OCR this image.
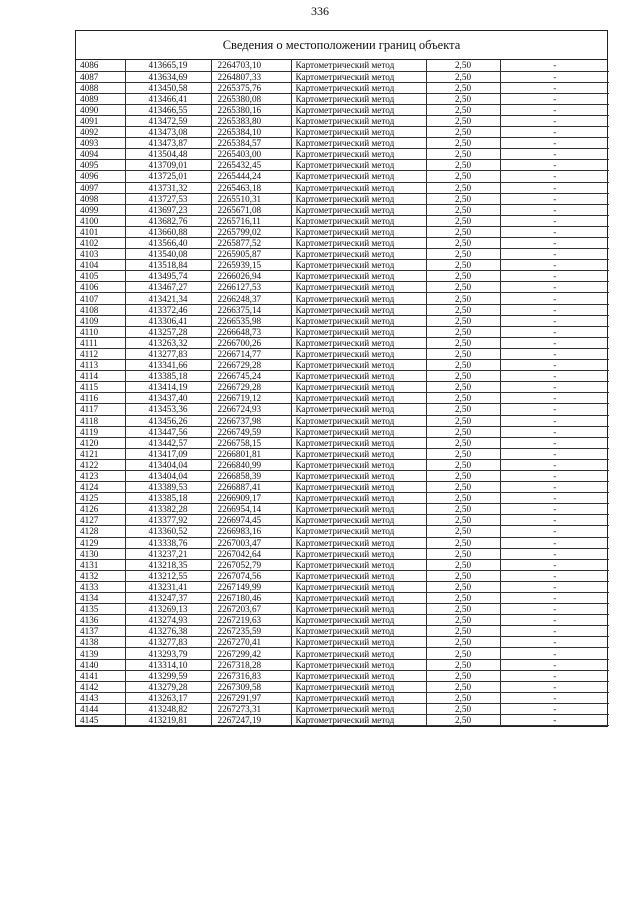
336
Сведения о местоположении границ объекта
4086	413665,19	2264703,10	Картометрический метод	2,50	-
4087	413634,69	2264807,33	Картометрический метод	2,50	-
4088	413450,58	2265375,76	Картометрический метод	2,50	-
4089	413466,41	2265380,08	Картометрический метод	2,50	-
4090	413466,55	2265380,16	Картометрический метод	2,50	-
4091	413472,59	2265383,80	Картометрический метод	2,50	-
4092	413473,08	2265384,10	Картометрический метод	2,50	-
4093	413473,87	2265384,57	Картометрический метод	2,50	-
4094	413504,48	2265403,00	Картометрический метод	2,50	-
4095	413709,01	2265432,45	Картометрический метод	2,50	-
4096	413725,01	2265444,24	Картометрический метод	2,50	-
4097	413731,32	2265463,18	Картометрический метод	2,50	-
4098	413727,53	2265510,31	Картометрический метод	2,50	-
4099	413697,23	2265671,08	Картометрический метод	2,50	-
4100	413682,76	2265716,11	Картометрический метод	2,50	-
4101	413660,88	2265799,02	Картометрический метод	2,50	-
4102	413566,40	2265877,52	Картометрический метод	2,50	-
4103	413540,08	2265905,87	Картометрический метод	2,50	-
4104	413518,84	2265939,15	Картометрический метод	2,50	-
4105	413495,74	2266026,94	Картометрический метод	2,50	-
4106	413467,27	2266127,53	Картометрический метод	2,50	-
4107	413421,34	2266248,37	Картометрический метод	2,50	-
4108	413372,46	2266375,14	Картометрический метод	2,50	-
4109	413306,41	2266535,98	Картометрический метод	2,50	-
4110	413257,28	2266648,73	Картометрический метод	2,50	-
4111	413263,32	2266700,26	Картометрический метод	2,50	-
4112	413277,83	2266714,77	Картометрический метод	2,50	-
4113	413341,66	2266729,28	Картометрический метод	2,50	-
4114	413385,18	2266745,24	Картометрический метод	2,50	-
4115	413414,19	2266729,28	Картометрический метод	2,50	-
4116	413437,40	2266719,12	Картометрический метод	2,50	-
4117	413453,36	2266724,93	Картометрический метод	2,50	-
4118	413456,26	2266737,98	Картометрический метод	2,50	-
4119	413447,56	2266749,59	Картометрический метод	2,50	-
4120	413442,57	2266758,15	Картометрический метод	2,50	-
4121	413417,09	2266801,81	Картометрический метод	2,50	-
4122	413404,04	2266840,99	Картометрический метод	2,50	-
4123	413404,04	2266858,39	Картометрический метод	2,50	-
4124	413389,53	2266887,41	Картометрический метод	2,50	-
4125	413385,18	2266909,17	Картометрический метод	2,50	-
4126	413382,28	2266954,14	Картометрический метод	2,50	-
4127	413377,92	2266974,45	Картометрический метод	2,50	-
4128	413360,52	2266983,16	Картометрический метод	2,50	-
4129	413338,76	2267003,47	Картометрический метод	2,50	-
4130	413237,21	2267042,64	Картометрический метод	2,50	-
4131	413218,35	2267052,79	Картометрический метод	2,50	-
4132	413212,55	2267074,56	Картометрический метод	2,50	-
4133	413231,41	2267149,99	Картометрический метод	2,50	-
4134	413247,37	2267180,46	Картометрический метод	2,50	-
4135	413269,13	2267203,67	Картометрический метод	2,50	-
4136	413274,93	2267219,63	Картометрический метод	2,50	-
4137	413276,38	2267235,59	Картометрический метод	2,50	-
4138	413277,83	2267270,41	Картометрический метод	2,50	-
4139	413293,79	2267299,42	Картометрический метод	2,50	-
4140	413314,10	2267318,28	Картометрический метод	2,50	-
4141	413299,59	2267316,83	Картометрический метод	2,50	-
4142	413279,28	2267309,58	Картометрический метод	2,50	-
4143	413263,17	2267291,97	Картометрический метод	2,50	-
4144	413248,82	2267273,31	Картометрический метод	2,50	-
4145	413219,81	2267247,19	Картометрический метод	2,50	-
